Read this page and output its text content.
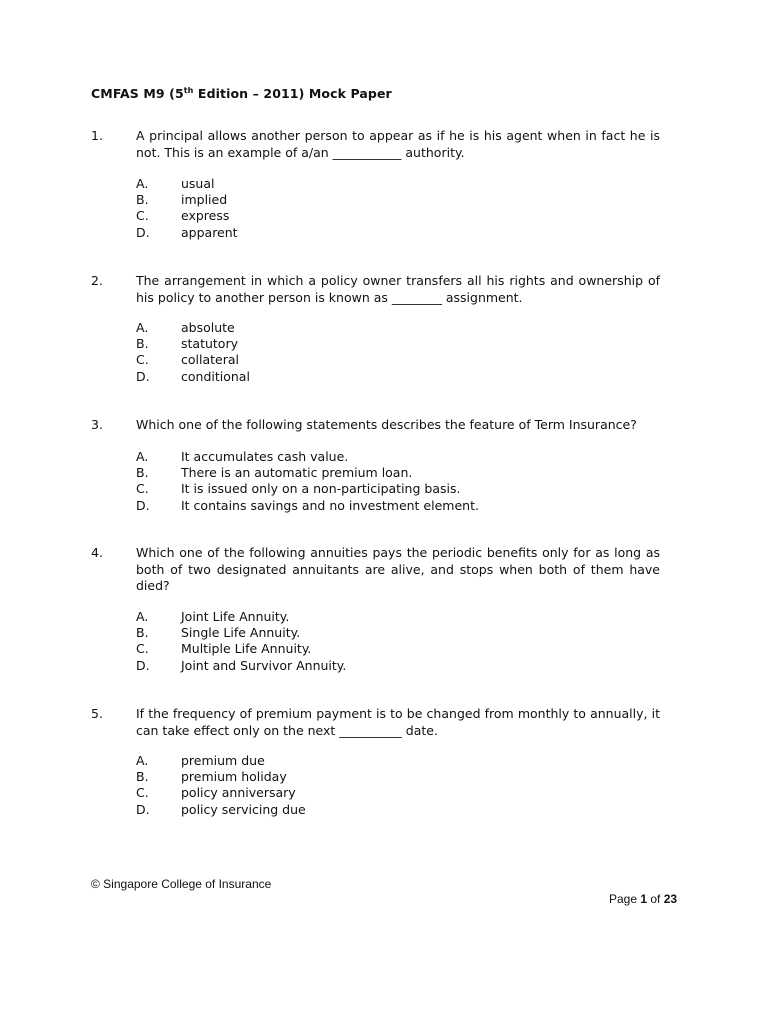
CMFAS M9 (5th Edition – 2011) Mock Paper
1.	A principal allows another person to appear as if he is his agent when in fact he is not. This is an example of a/an ___________ authority.
A.	usual
B.	implied
C.	express
D.	apparent
2.	The arrangement in which a policy owner transfers all his rights and ownership of his policy to another person is known as ________ assignment.
A.	absolute
B.	statutory
C.	collateral
D.	conditional
3.	Which one of the following statements describes the feature of Term Insurance?
A.	It accumulates cash value.
B.	There is an automatic premium loan.
C.	It is issued only on a non-participating basis.
D.	It contains savings and no investment element.
4.	Which one of the following annuities pays the periodic benefits only for as long as both of two designated annuitants are alive, and stops when both of them have died?
A.	Joint Life Annuity.
B.	Single Life Annuity.
C.	Multiple Life Annuity.
D.	Joint and Survivor Annuity.
5.	If the frequency of premium payment is to be changed from monthly to annually, it can take effect only on the next __________ date.
A.	premium due
B.	premium holiday
C.	policy anniversary
D.	policy servicing due
© Singapore College of Insurance
Page 1 of 23
